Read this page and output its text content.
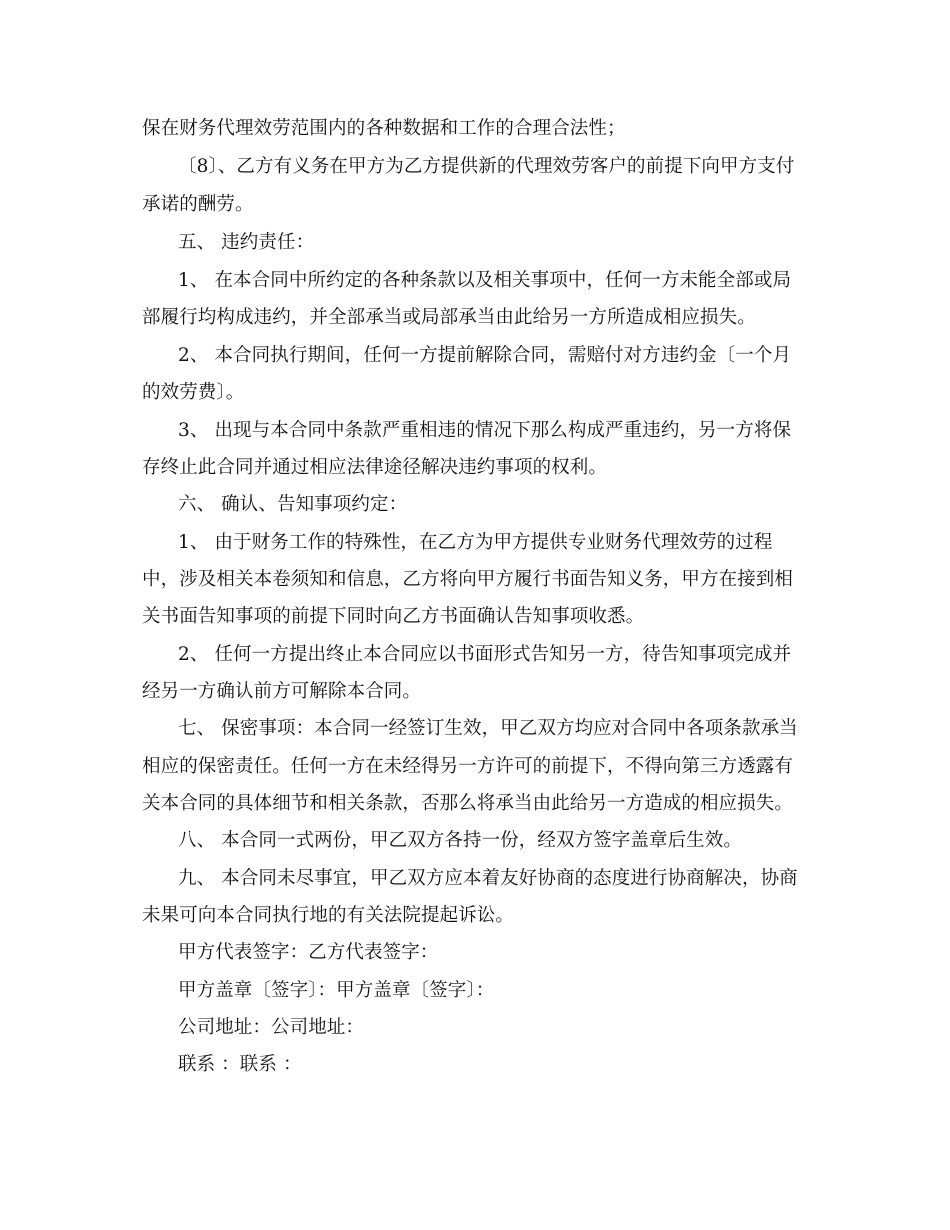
保在财务代理效劳范围内的各种数据和工作的合理合法性；
〔8〕、乙方有义务在甲方为乙方提供新的代理效劳客户的前提下向甲方支付
承诺的酬劳。
五、 违约责任：
1、 在本合同中所约定的各种条款以及相关事项中，任何一方未能全部或局
部履行均构成违约，并全部承当或局部承当由此给另一方所造成相应损失。
2、 本合同执行期间，任何一方提前解除合同，需赔付对方违约金〔一个月
的效劳费〕。
3、 出现与本合同中条款严重相违的情况下那么构成严重违约，另一方将保
存终止此合同并通过相应法律途径解决违约事项的权利。
六、 确认、告知事项约定：
1、 由于财务工作的特殊性，在乙方为甲方提供专业财务代理效劳的过程
中，涉及相关本卷须知和信息，乙方将向甲方履行书面告知义务，甲方在接到相
关书面告知事项的前提下同时向乙方书面确认告知事项收悉。
2、 任何一方提出终止本合同应以书面形式告知另一方，待告知事项完成并
经另一方确认前方可解除本合同。
七、 保密事项：本合同一经签订生效，甲乙双方均应对合同中各项条款承当
相应的保密责任。任何一方在未经得另一方许可的前提下，不得向第三方透露有
关本合同的具体细节和相关条款，否那么将承当由此给另一方造成的相应损失。
八、 本合同一式两份，甲乙双方各持一份，经双方签字盖章后生效。
九、 本合同未尽事宜，甲乙双方应本着友好协商的态度进行协商解决，协商
未果可向本合同执行地的有关法院提起诉讼。
甲方代表签字：乙方代表签字：
甲方盖章〔签字〕：甲方盖章〔签字〕：
公司地址：公司地址：
联系 ：联系 ：
